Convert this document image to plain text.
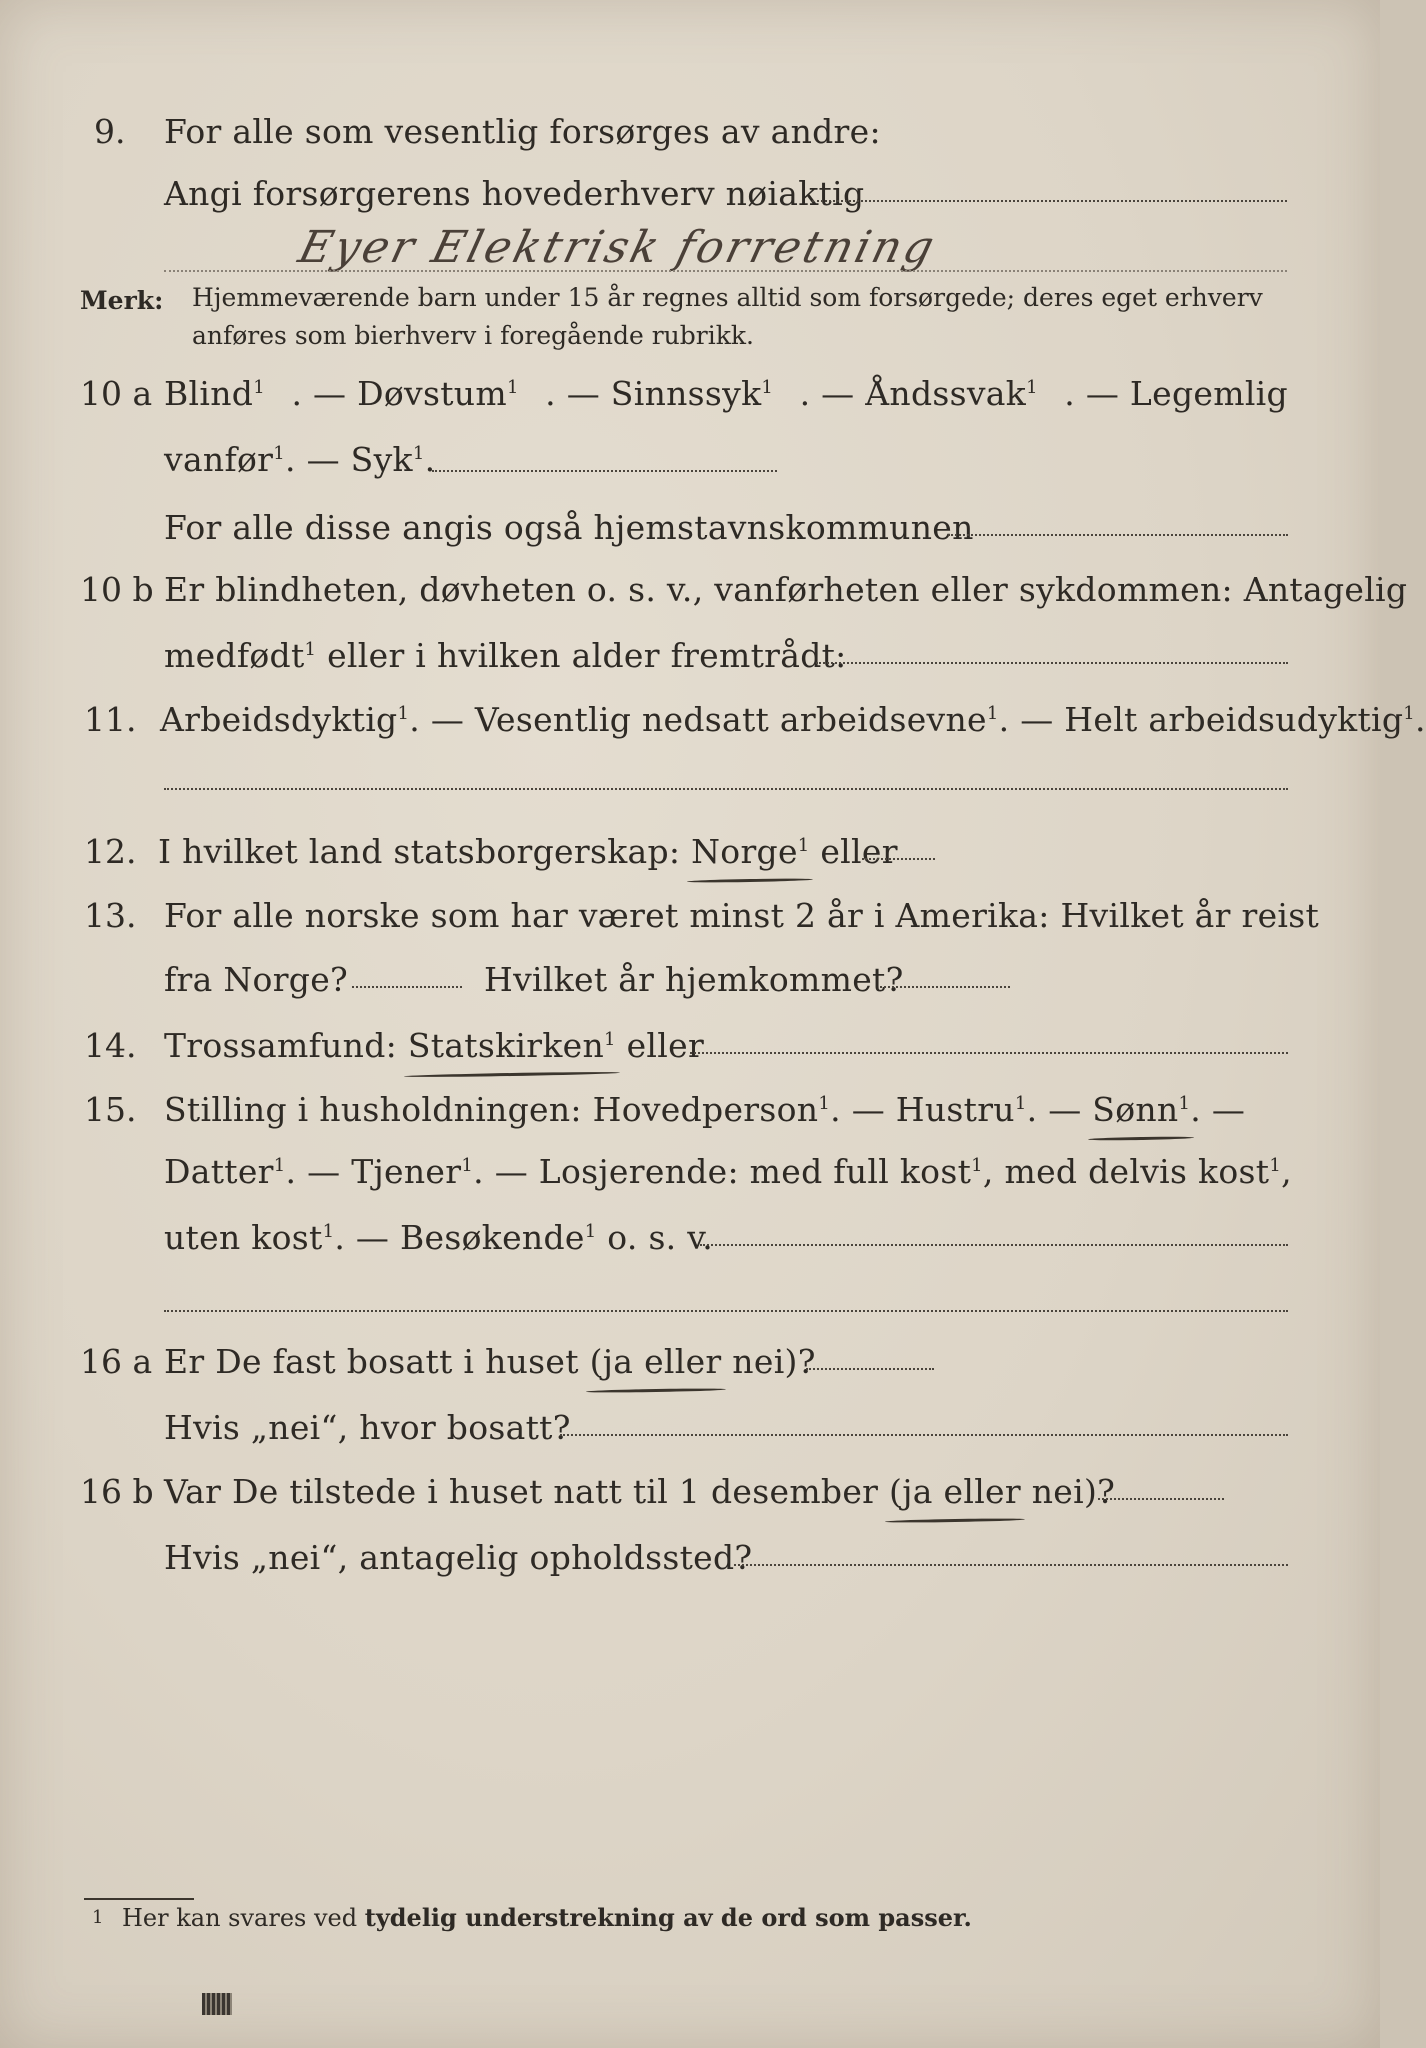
9. For alle som vesentlig forsørges av andre:
Angi forsørgerens hovederhverv nøiaktig
Eyer Elektrisk forretning
Merk: Hjemmeværende barn under 15 år regnes alltid som forsørgede; deres eget erhverv
anføres som bierhverv i foregående rubrikk.
10 a Blind$^1$ . — Døvstum$^1$ . — Sinnssyk$^1$ . — Åndssvak$^1$ . — Legemlig
vanfør$^1$. — Syk$^1$.
For alle disse angis også hjemstavnskommunen
10 b Er blindheten, døvheten o. s. v., vanførheten eller sykdommen: Antagelig
medfødt$^1$ eller i hvilken alder fremtrådt:
11. Arbeidsdyktig$^1$. — Vesentlig nedsatt arbeidsevne$^1$. — Helt arbeidsudyktig$^1$.
12. I hvilket land statsborgerskap: Norge$^1$ eller
13. For alle norske som har været minst 2 år i Amerika: Hvilket år reist
fra Norge?	Hvilket år hjemkommet?
14. Trossamfund: Statskirken$^1$ eller
15. Stilling i husholdningen: Hovedperson$^1$. — Hustru$^1$. — Sønn$^1$. —
Datter$^1$. — Tjener$^1$. — Losjerende: med full kost$^1$, med delvis kost$^1$,
uten kost$^1$. — Besøkende$^1$ o. s. v.
16 a Er De fast bosatt i huset (ja eller nei)?
Hvis „nei“, hvor bosatt?
16 b Var De tilstede i huset natt til 1 desember (ja eller nei)?
Hvis „nei“, antagelig opholdssted?
1 Her kan svares ved tydelig understrekning av de ord som passer.
